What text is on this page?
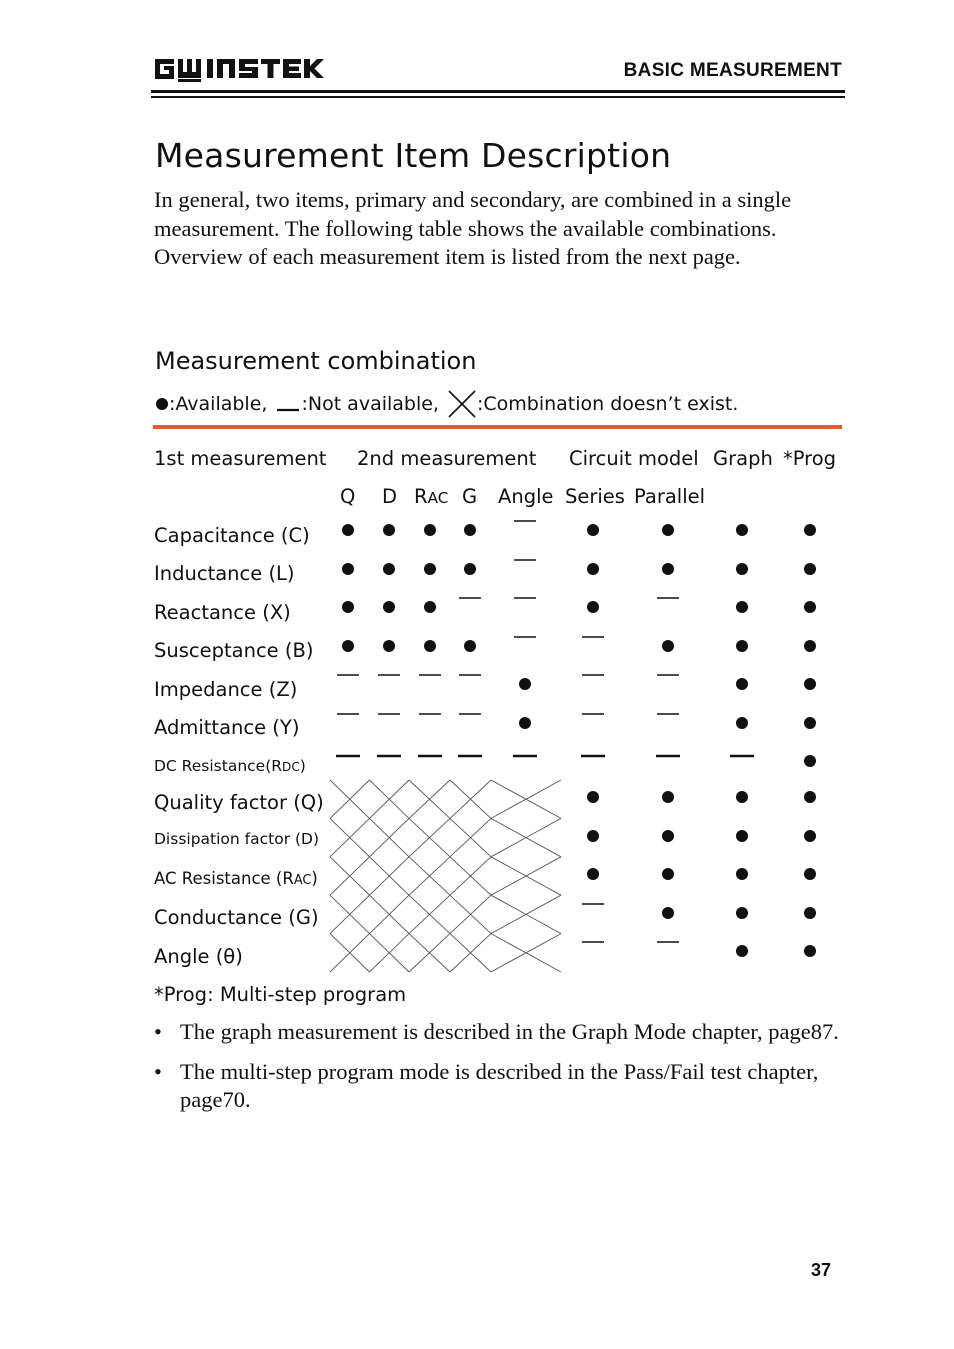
BASIC MEASUREMENT
Measurement Item Description

In general, two items, primary and secondary, are combined in a single measurement. The following table shows the available combinations. Overview of each measurement item is listed from the next page.

Measurement combination
:Available, :Not available, :Combination doesn’t exist.
1st measurement 2nd measurement Circuit model Graph *Prog
Q D RAC G Angle Series Parallel
Capacitance (C)
Inductance (L)
Reactance (X)
Susceptance (B)
Impedance (Z)
Admittance (Y)
DC Resistance(RDC)
Quality factor (Q)
Dissipation factor (D)
AC Resistance (RAC)
Conductance (G)
Angle (θ)
*Prog: Multi-step program
• The graph measurement is described in the Graph Mode chapter, page87.
• The multi-step program mode is described in the Pass/Fail test chapter, page70.
37
